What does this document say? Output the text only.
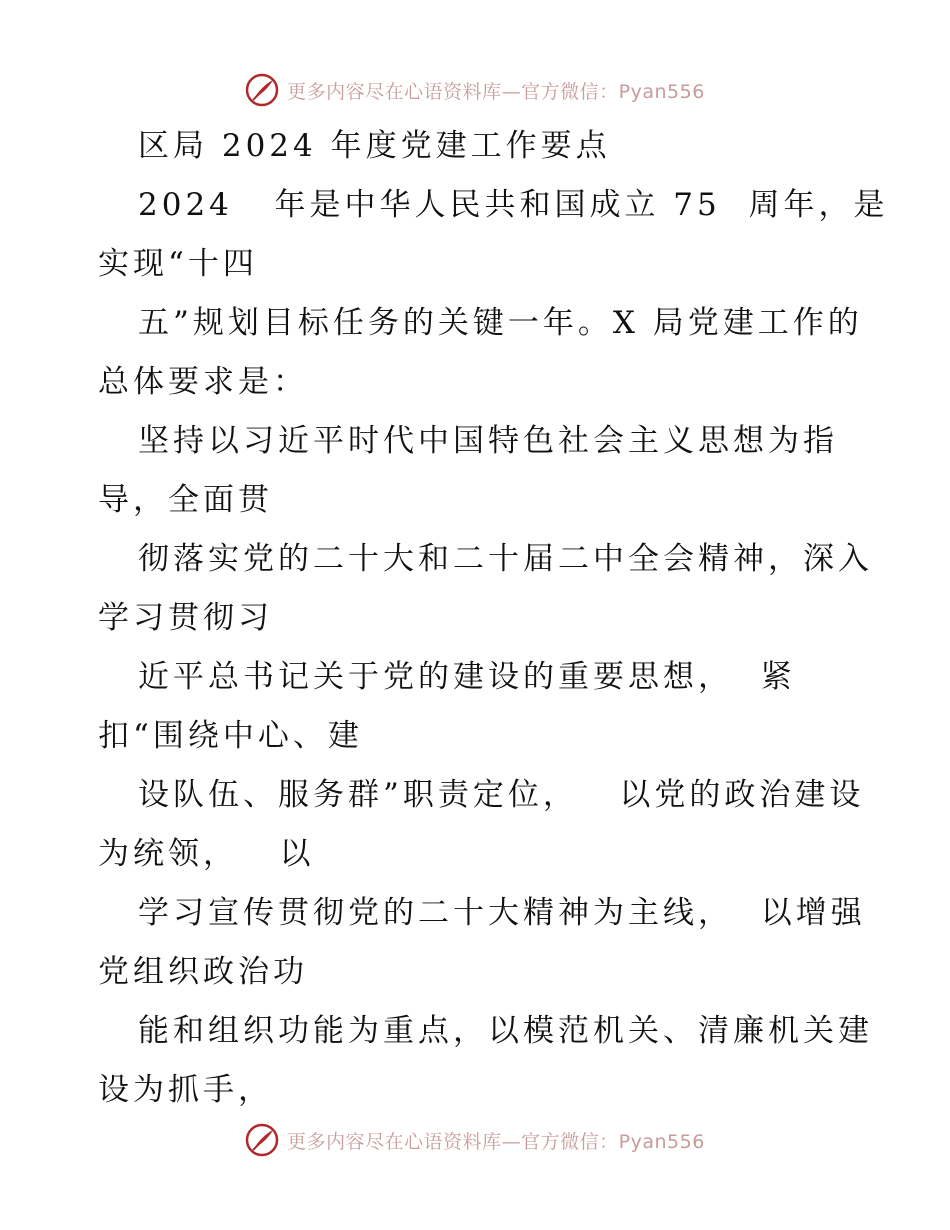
更多内容尽在心语资料库—官方微信：Pyan556
区局 2024 年度党建工作要点
2024   年是中华人民共和国成立 75  周年，是
实现“十四
五”规划目标任务的关键一年。X 局党建工作的
总体要求是：
坚持以习近平时代中国特色社会主义思想为指
导，全面贯
彻落实党的二十大和二十届二中全会精神，深入
学习贯彻习
近平总书记关于党的建设的重要思想，  紧
扣“围绕中心、建
设队伍、服务群”职责定位，   以党的政治建设
为统领，   以
学习宣传贯彻党的二十大精神为主线，  以增强
党组织政治功
能和组织功能为重点，以模范机关、清廉机关建
设为抓手，
更多内容尽在心语资料库—官方微信：Pyan556
